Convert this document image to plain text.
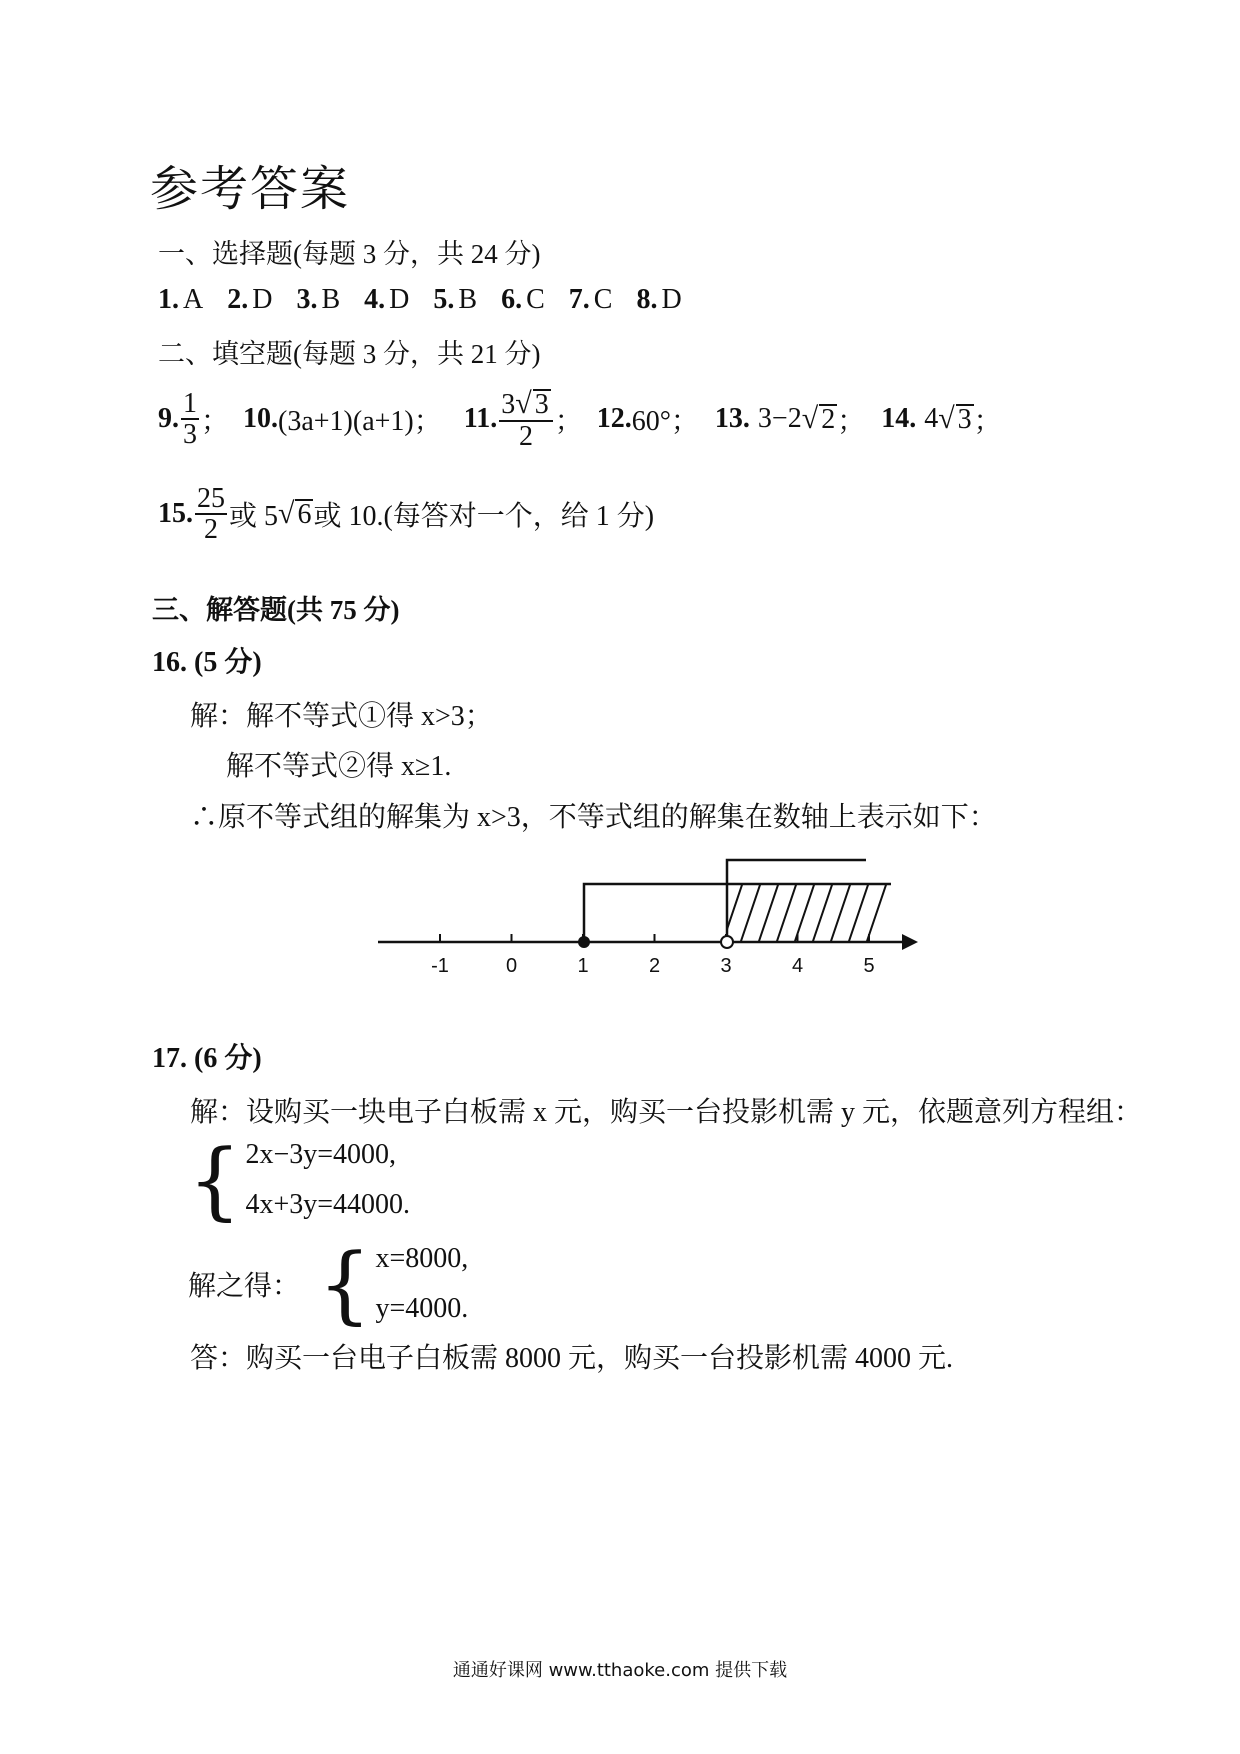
参考答案
一、选择题(每题 3 分，共 24 分)
1. A 2. D 3. B 4. D 5. B 6. C 7. C 8. D
二、填空题(每题 3 分，共 21 分)
9. $\frac{1}{3}$ ； 10. (3a+1)(a+1)； 11. $\frac{3√ 3}{2}$ ； 12. 60°； 13. 3−2 √ 2 ； 14. 4 √ 3 ；
15. $\frac{25}{2}$ 或 5 √ 6 或 10.(每答对一个，给 1 分)
三、解答题(共 75 分)
16. (5 分)
解：解不等式①得 x>3；
解不等式②得 x≥1.
∴原不等式组的解集为 x>3，不等式组的解集在数轴上表示如下：
-1	0	1	2	3	4	5
17. (6 分)
解：设购买一块电子白板需 x 元，购买一台投影机需 y 元，依题意列方程组：
{ 2x−3y=4000,
4x+3y=44000.
解之得： { x=8000,
y=4000.
答：购买一台电子白板需 8000 元，购买一台投影机需 4000 元.
通通好课网 www.tthaoke.com 提供下载
